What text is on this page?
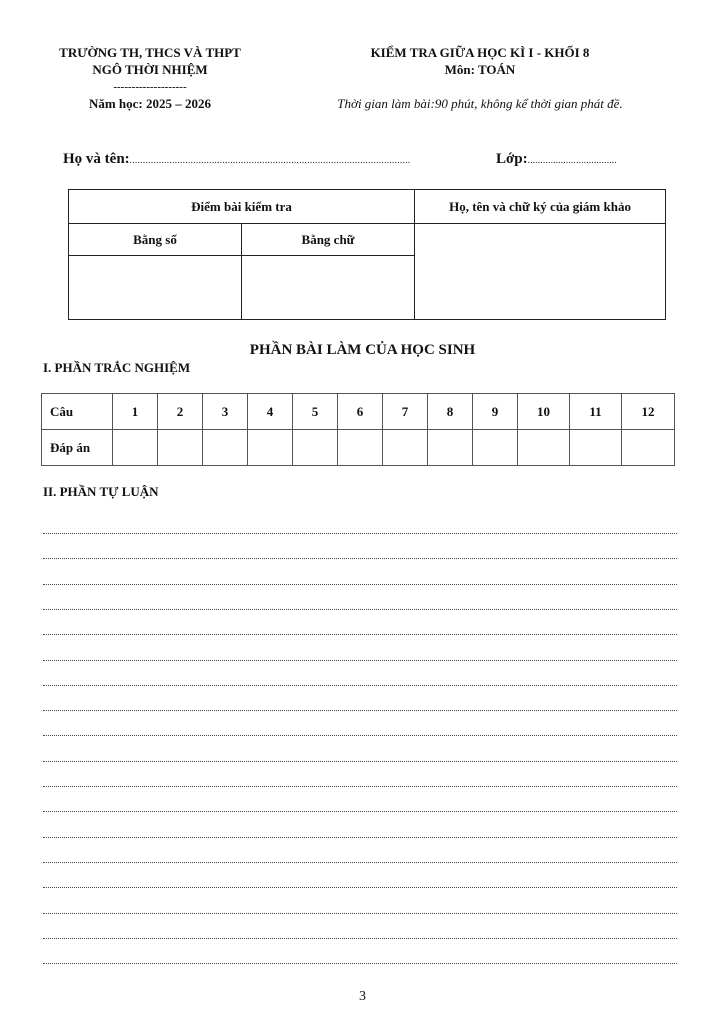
TRƯỜNG TH, THCS VÀ THPT
NGÔ THỜI NHIỆM
--------------------
Năm học: 2025 – 2026
KIỂM TRA GIỮA HỌC KÌ I - KHỐI 8
Môn: TOÁN
Thời gian làm bài:90 phút, không kể thời gian phát đề.
Họ và tên:..........................................................................................................	Lớp:...................................
Điểm bài kiểm tra		Họ, tên và chữ ký của giám khảo
Bằng số	Bằng chữ	

PHẦN BÀI LÀM CỦA HỌC SINH
I. PHẦN TRẮC NGHIỆM
Câu	1	2	3	4	5	6	7	8	9	10	11	12
Đáp án												
II. PHẦN TỰ LUẬN
3
